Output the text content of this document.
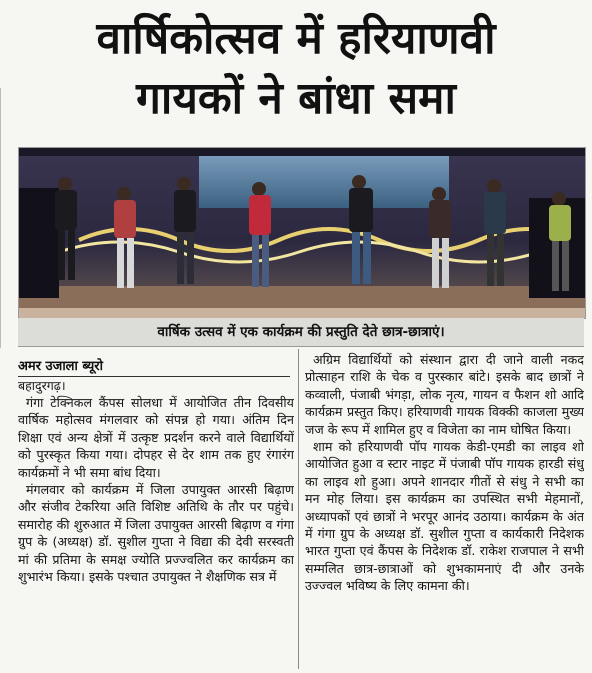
वार्षिकोत्सव में हरियाणवी
गायकों ने बांधा समा
वार्षिक उत्सव में एक कार्यक्रम की प्रस्तुति देते छात्र-छात्राएं।
अमर उजाला ब्यूरो
बहादुरगढ़।

गंगा टेक्निकल कैंपस सोलधा में आयोजित तीन दिवसीय वार्षिक महोत्सव मंगलवार को संपन्न हो गया। अंतिम दिन शिक्षा एवं अन्य क्षेत्रों में उत्कृष्ट प्रदर्शन करने वाले विद्यार्थियों को पुरस्कृत किया गया। दोपहर से देर शाम तक हुए रंगारंग कार्यक्रमों ने भी समा बांध दिया।

मंगलवार को कार्यक्रम में जिला उपायुक्त आरसी बिढ़ाण और संजीव टेकरिया अति विशिष्ट अतिथि के तौर पर पहुंचे। समारोह की शुरुआत में जिला उपायुक्त आरसी बिढ़ाण व गंगा ग्रुप के (अध्यक्ष) डॉ. सुशील गुप्ता ने विद्या की देवी सरस्वती मां की प्रतिमा के समक्ष ज्योति प्रज्ज्वलित कर कार्यक्रम का शुभारंभ किया। इसके पश्चात उपायुक्त ने शैक्षणिक सत्र में

अग्रिम विद्यार्थियों को संस्थान द्वारा दी जाने वाली नकद प्रोत्साहन राशि के चेक व पुरस्कार बांटे। इसके बाद छात्रों ने कव्वाली, पंजाबी भंगड़ा, लोक नृत्य, गायन व फैशन शो आदि कार्यक्रम प्रस्तुत किए। हरियाणवी गायक विक्की काजला मुख्य जज के रूप में शामिल हुए व विजेता का नाम घोषित किया।

शाम को हरियाणवी पॉप गायक केडी-एमडी का लाइव शो आयोजित हुआ व स्टार नाइट में पंजाबी पॉप गायक हारडी संधु का लाइव शो हुआ। अपने शानदार गीतों से संधु ने सभी का मन मोह लिया। इस कार्यक्रम का उपस्थित सभी मेहमानों, अध्यापकों एवं छात्रों ने भरपूर आनंद उठाया। कार्यक्रम के अंत में गंगा ग्रुप के अध्यक्ष डॉ. सुशील गुप्ता व कार्यकारी निदेशक भारत गुप्ता एवं कैंपस के निदेशक डॉ. राकेश राजपाल ने सभी सम्मलित छात्र-छात्राओं को शुभकामनाएं दी और उनके उज्ज्वल भविष्य के लिए कामना की।
